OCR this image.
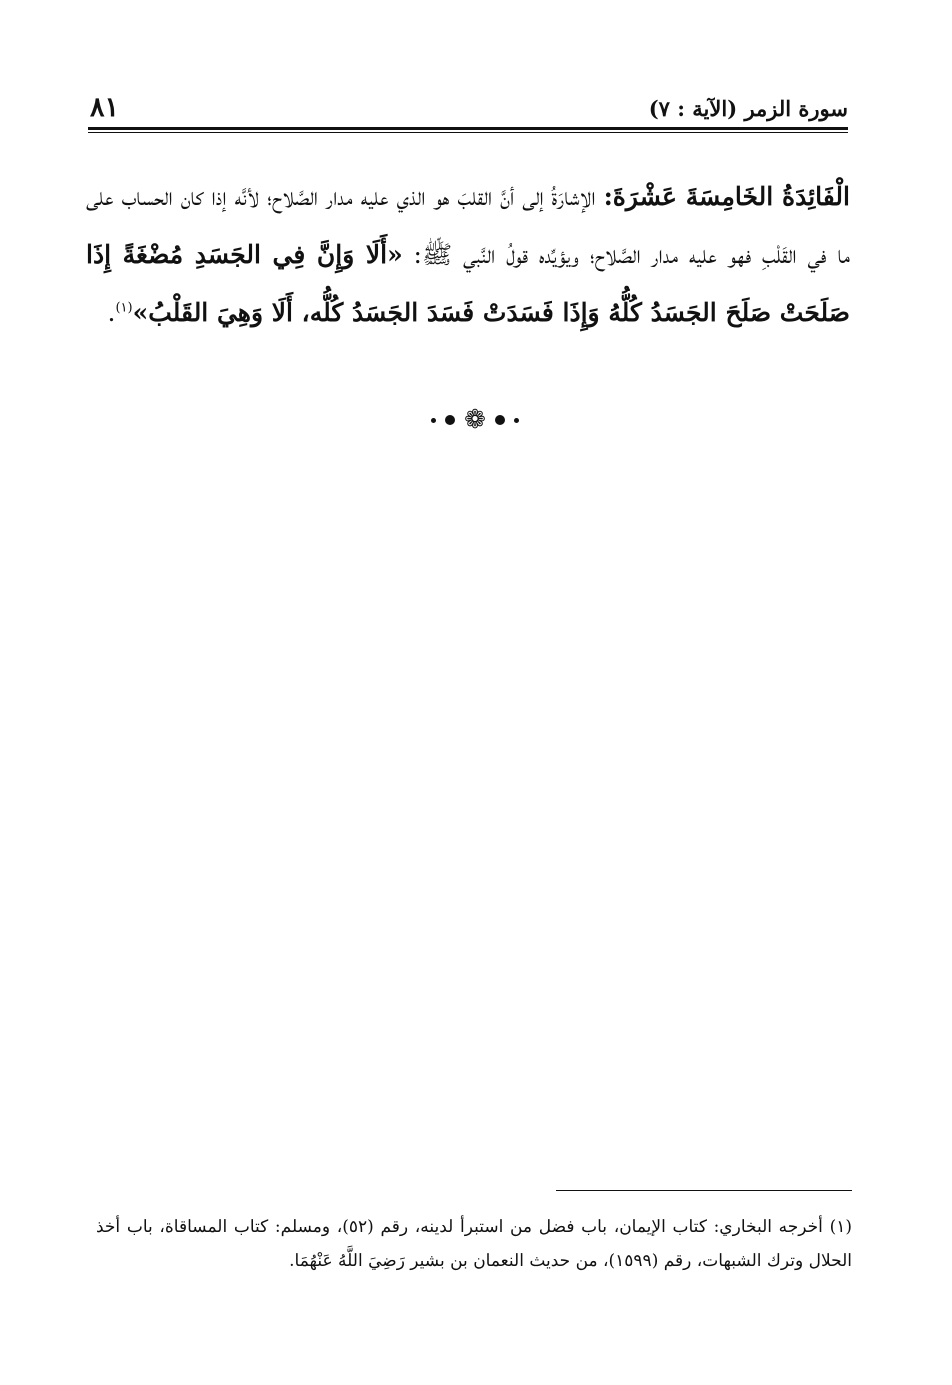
سورة الزمر (الآية : ٧)
٨١
الْفَائِدَةُ الخَامِسَةَ عَشْرَةَ: الإشارَةُ إلى أنَّ القلبَ هو الذي عليه مدار الصَّلاح؛ لأنَّه إذا كان الحساب على ما في القَلْبِ فهو عليه مدار الصَّلاح؛ ويؤيِّده قولُ النَّبي ﷺ: «أَلَا وَإِنَّ فِي الجَسَدِ مُضْغَةً إِذَا صَلَحَتْ صَلَحَ الجَسَدُ كُلُّهُ وَإِذَا فَسَدَتْ فَسَدَ الجَسَدُ كُلُّه، أَلَا وَهِيَ القَلْبُ»$^{(١)}$.
❁
(١) أخرجه البخاري: كتاب الإيمان، باب فضل من استبرأ لدينه، رقم (٥٢)، ومسلم: كتاب المساقاة، باب أخذ الحلال وترك الشبهات، رقم (١٥٩٩)، من حديث النعمان بن بشير رَضِيَ اللَّهُ عَنْهُمَا.
